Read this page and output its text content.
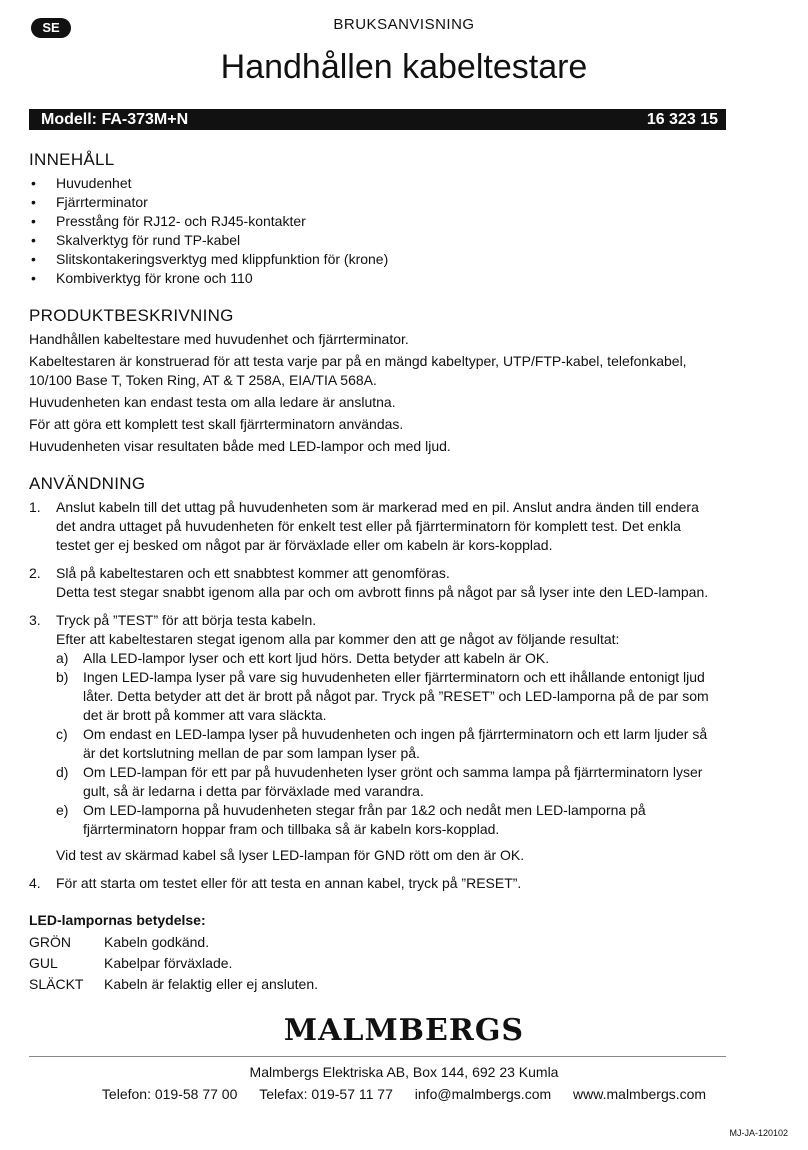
SE	BRUKSANVISNING
Handhållen kabeltestare
Modell: FA-373M+N	16 323 15
INNEHÅLL
• Huvudenhet
• Fjärrterminator
• Presstång för RJ12- och RJ45-kontakter
• Skalverktyg för rund TP-kabel
• Slitskontakeringsverktyg med klippfunktion för (krone)
• Kombiverktyg för krone och 110
PRODUKTBESKRIVNING

Handhållen kabeltestare med huvudenhet och fjärrterminator.

Kabeltestaren är konstruerad för att testa varje par på en mängd kabeltyper, UTP/FTP-kabel, telefonkabel, 10/100 Base T, Token Ring, AT & T 258A, EIA/TIA 568A.

Huvudenheten kan endast testa om alla ledare är anslutna.

För att göra ett komplett test skall fjärrterminatorn användas.

Huvudenheten visar resultaten både med LED-lampor och med ljud.

ANVÄNDNING
1. Anslut kabeln till det uttag på huvudenheten som är markerad med en pil. Anslut andra änden till endera det andra uttaget på huvudenheten för enkelt test eller på fjärrterminatorn för komplett test. Det enkla testet ger ej besked om något par är förväxlade eller om kabeln är kors-kopplad.
2. Slå på kabeltestaren och ett snabbtest kommer att genomföras.
Detta test stegar snabbt igenom alla par och om avbrott finns på något par så lyser inte den LED-lampan.
3. Tryck på ”TEST” för att börja testa kabeln.
Efter att kabeltestaren stegat igenom alla par kommer den att ge något av följande resultat:
a) Alla LED-lampor lyser och ett kort ljud hörs. Detta betyder att kabeln är OK.
b) Ingen LED-lampa lyser på vare sig huvudenheten eller fjärrterminatorn och ett ihållande entonigt ljud låter. Detta betyder att det är brott på något par. Tryck på ”RESET” och LED-lamporna på de par som det är brott på kommer att vara släckta.
c) Om endast en LED-lampa lyser på huvudenheten och ingen på fjärrterminatorn och ett larm ljuder så är det kortslutning mellan de par som lampan lyser på.
d) Om LED-lampan för ett par på huvudenheten lyser grönt och samma lampa på fjärrterminatorn lyser gult, så är ledarna i detta par förväxlade med varandra.
e) Om LED-lamporna på huvudenheten stegar från par 1&2 och nedåt men LED-lamporna på fjärrterminatorn hoppar fram och tillbaka så är kabeln kors-kopplad.
Vid test av skärmad kabel så lyser LED-lampan för GND rött om den är OK.
4. För att starta om testet eller för att testa en annan kabel, tryck på ”RESET”.
LED-lampornas betydelse:
GRÖN	Kabeln godkänd.
GUL	Kabelpar förväxlade.
SLÄCKT	Kabeln är felaktig eller ej ansluten.
MALMBERGS
Malmbergs Elektriska AB, Box 144, 692 23 Kumla
Telefon: 019-58 77 00 Telefax: 019-57 11 77 info@malmbergs.com www.malmbergs.com
MJ-JA-120102
